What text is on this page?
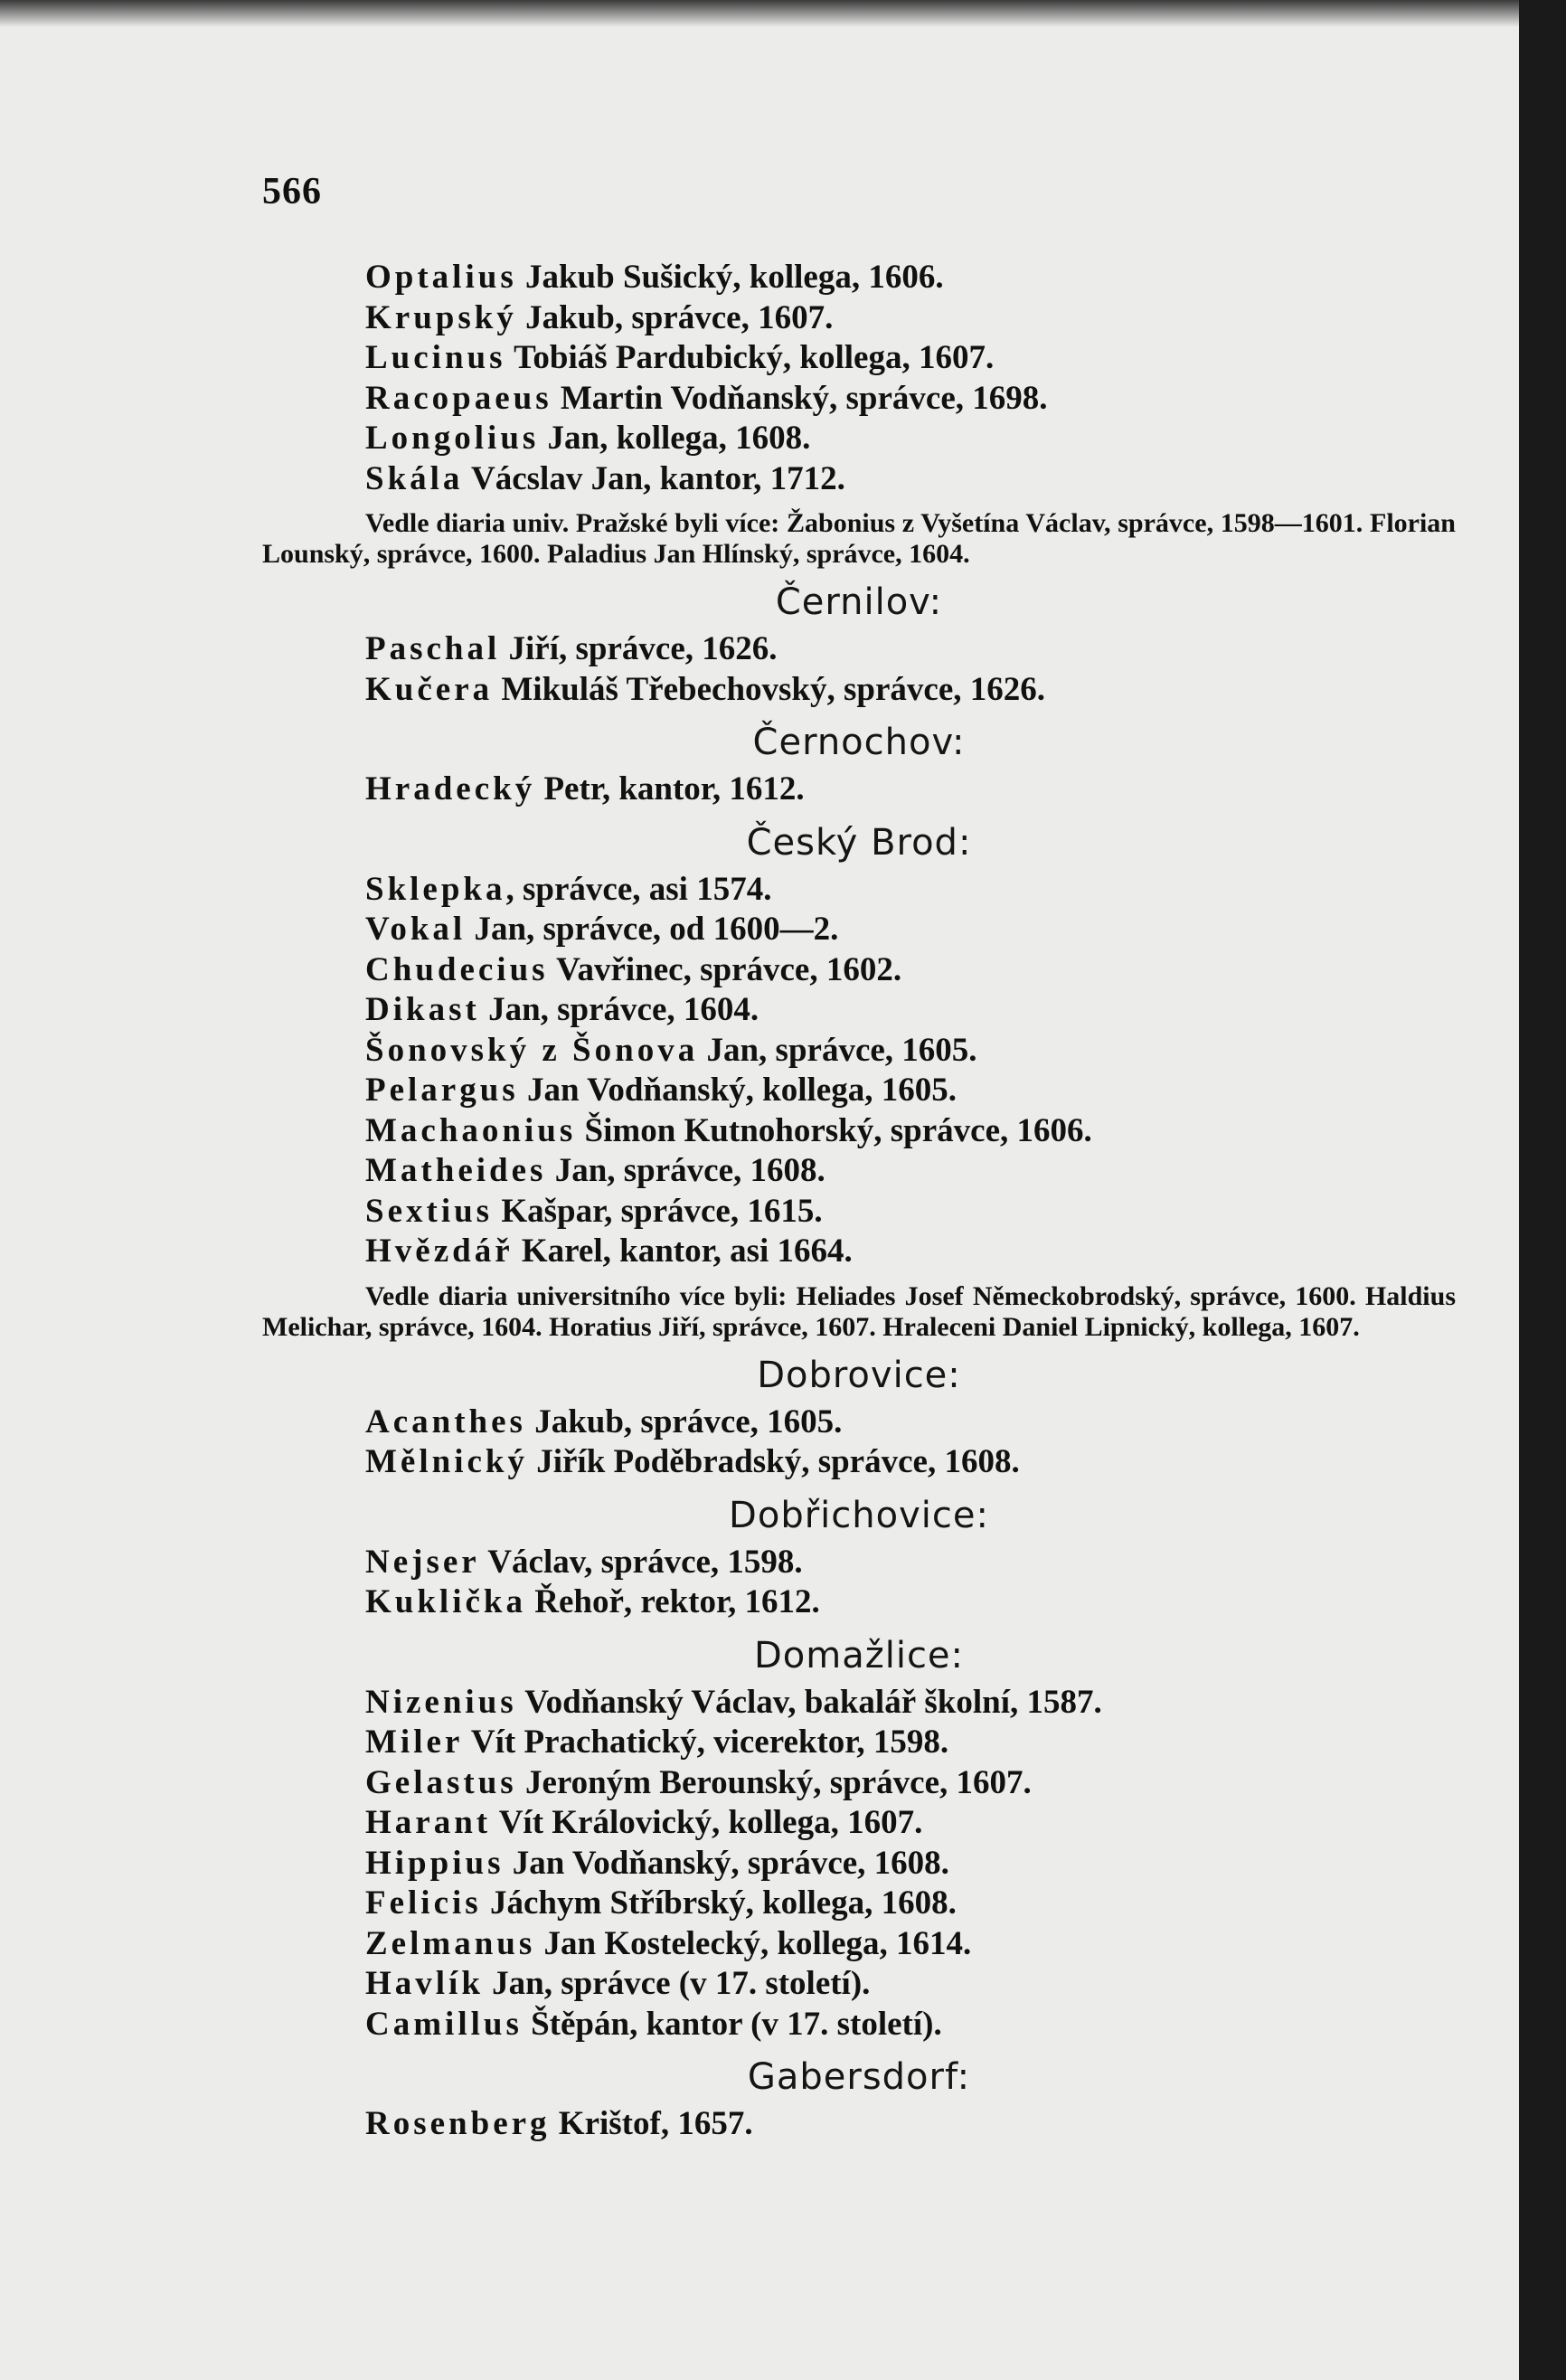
566
Optalius Jakub Sušický, kollega, 1606.
Krupský Jakub, správce, 1607.
Lucinus Tobiáš Pardubický, kollega, 1607.
Racopaeus Martin Vodňanský, správce, 1698.
Longolius Jan, kollega, 1608.
Skála Vácslav Jan, kantor, 1712.
Vedle diaria univ. Pražské byli více: Žabonius z Vyšetína Václav, správce, 1598—1601. Florian Lounský, správce, 1600. Paladius Jan Hlínský, správce, 1604.
Černilov:
Paschal Jiří, správce, 1626.
Kučera Mikuláš Třebechovský, správce, 1626.
Černochov:
Hradecký Petr, kantor, 1612.
Český Brod:
Sklepka, správce, asi 1574.
Vokal Jan, správce, od 1600—2.
Chudecius Vavřinec, správce, 1602.
Dikast Jan, správce, 1604.
Šonovský z Šonova Jan, správce, 1605.
Pelargus Jan Vodňanský, kollega, 1605.
Machaonius Šimon Kutnohorský, správce, 1606.
Matheides Jan, správce, 1608.
Sextius Kašpar, správce, 1615.
Hvězdář Karel, kantor, asi 1664.
Vedle diaria universitního více byli: Heliades Josef Německobrodský, správce, 1600. Haldius Melichar, správce, 1604. Horatius Jiří, správce, 1607. Hraleceni Daniel Lipnický, kollega, 1607.
Dobrovice:
Acanthes Jakub, správce, 1605.
Mělnický Jiřík Poděbradský, správce, 1608.
Dobřichovice:
Nejser Václav, správce, 1598.
Kuklička Řehoř, rektor, 1612.
Domažlice:
Nizenius Vodňanský Václav, bakalář školní, 1587.
Miler Vít Prachatický, vicerektor, 1598.
Gelastus Jeroným Berounský, správce, 1607.
Harant Vít Královický, kollega, 1607.
Hippius Jan Vodňanský, správce, 1608.
Felicis Jáchym Stříbrský, kollega, 1608.
Zelmanus Jan Kostelecký, kollega, 1614.
Havlík Jan, správce (v 17. století).
Camillus Štěpán, kantor (v 17. století).
Gabersdorf:
Rosenberg Krištof, 1657.
